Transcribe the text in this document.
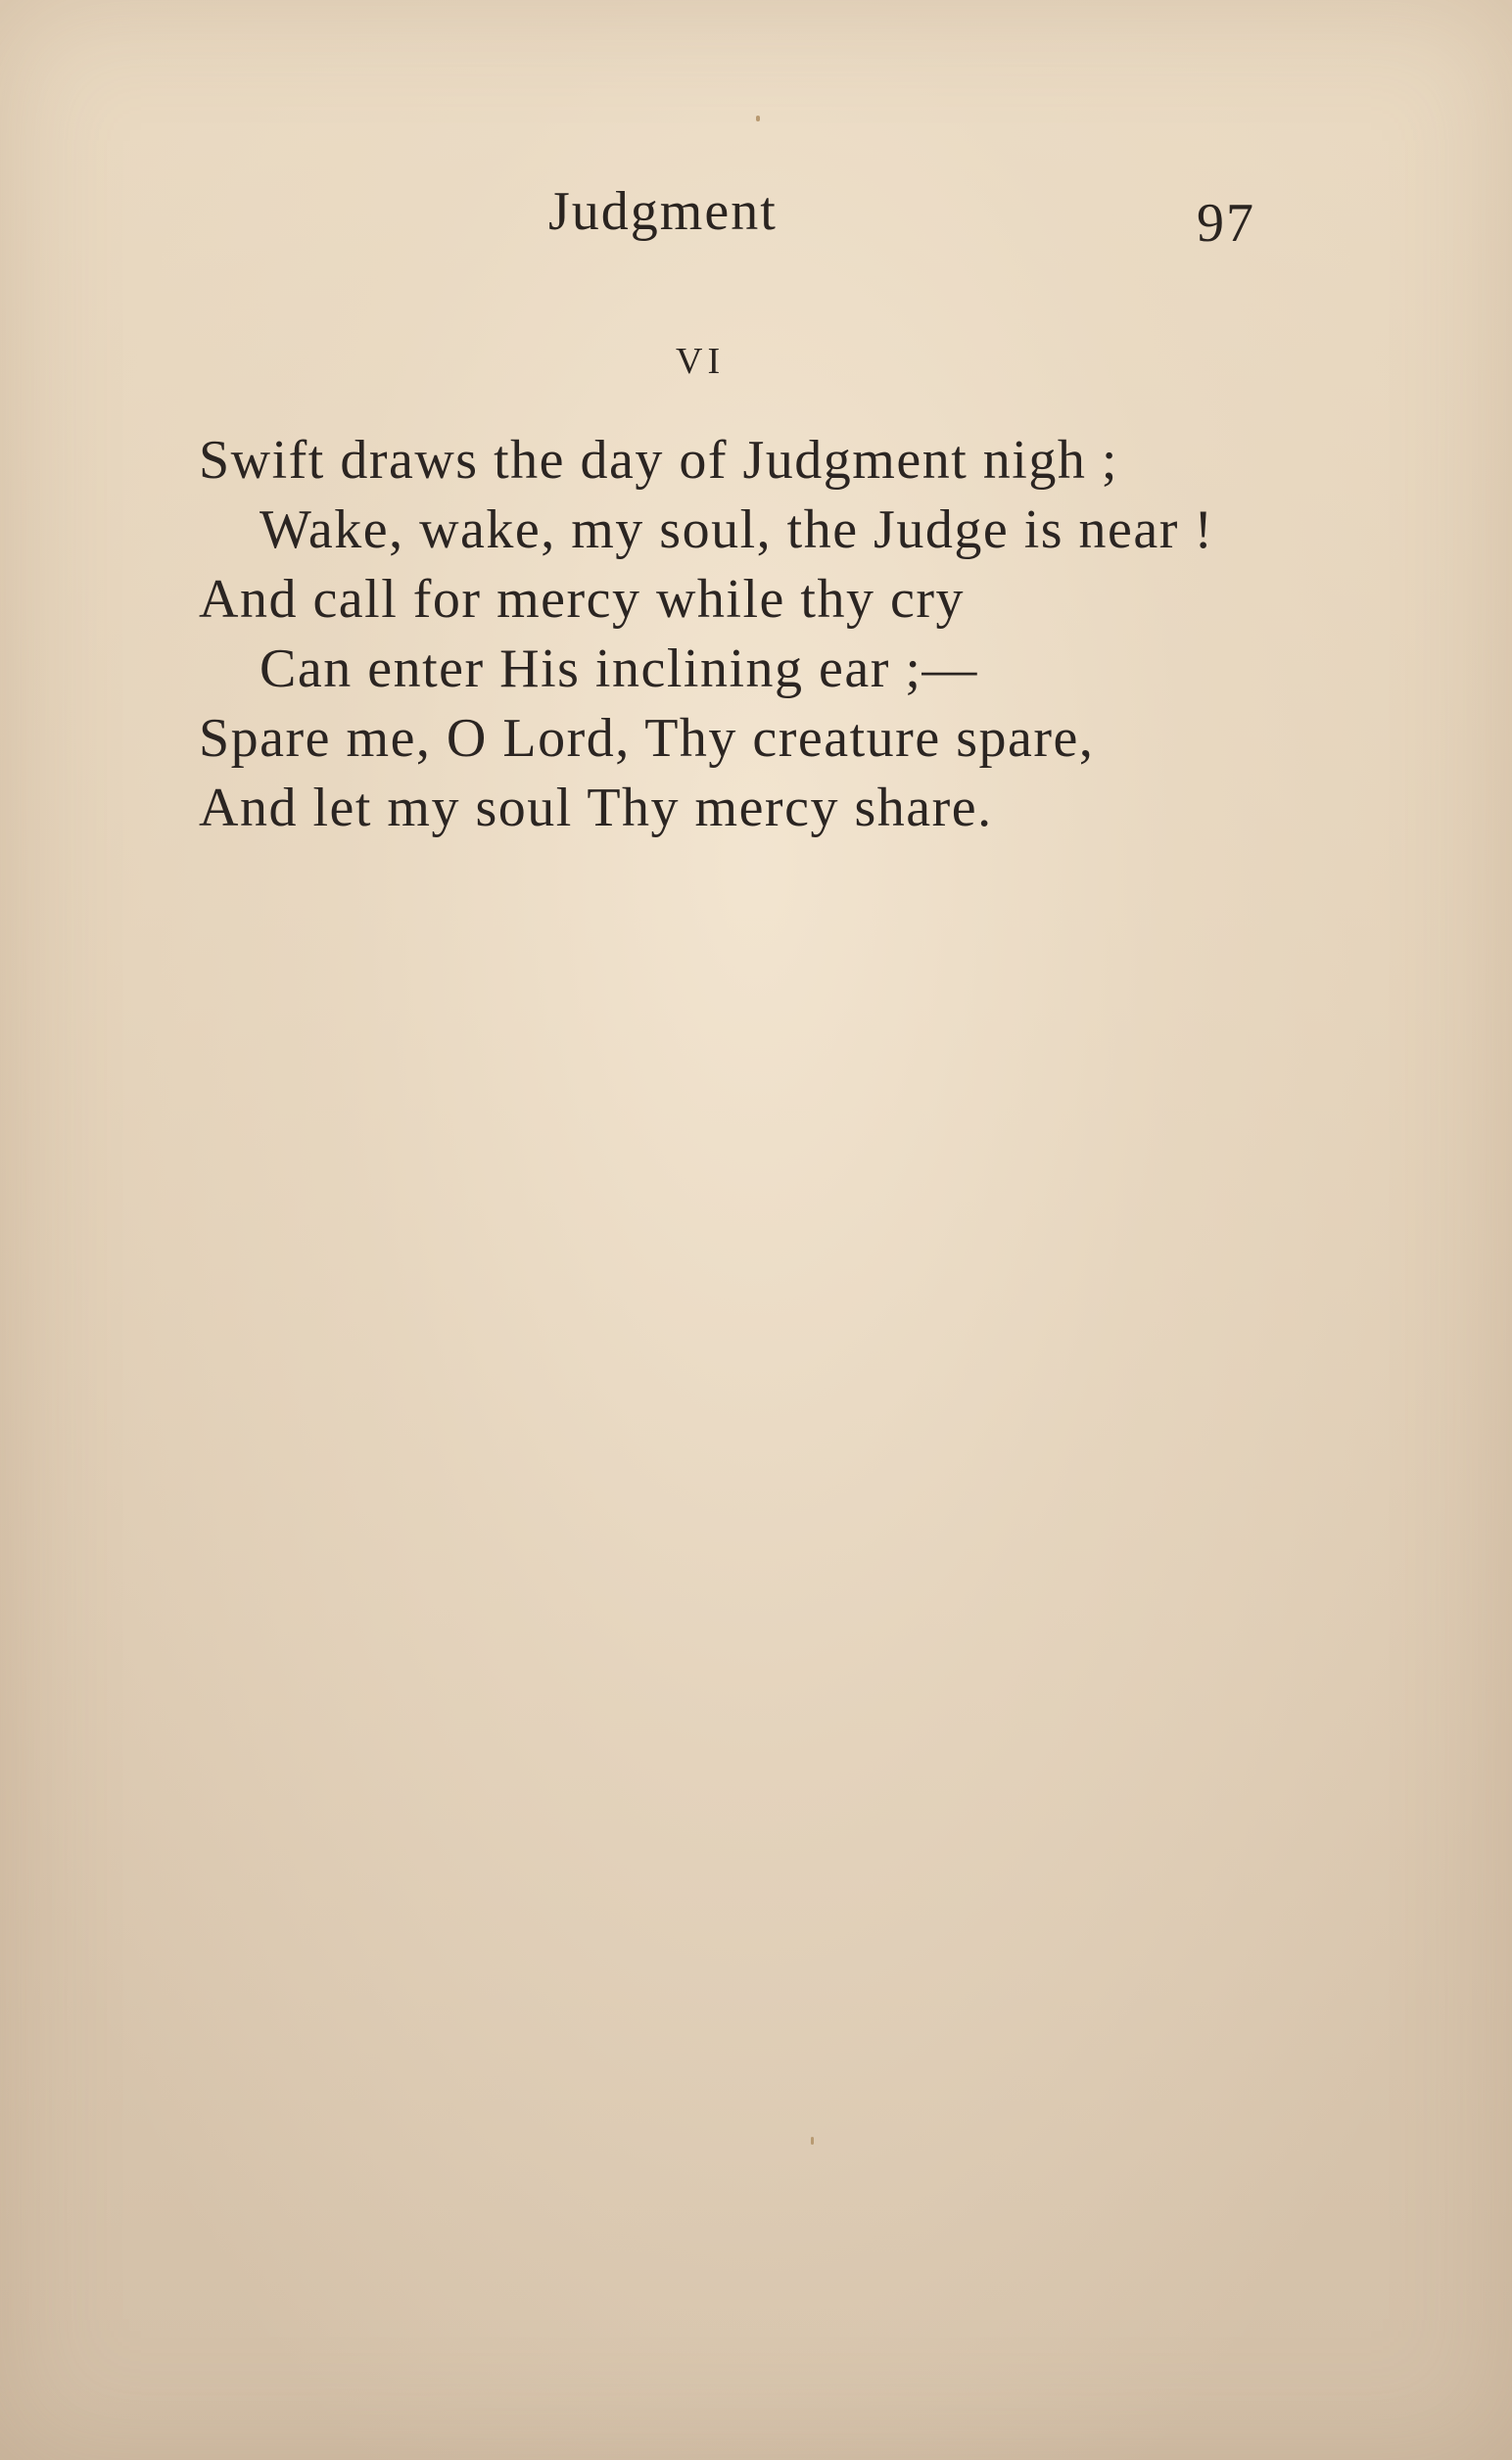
Judgment	97
VI
Swift draws the day of Judgment nigh ;
Wake, wake, my soul, the Judge is near !
And call for mercy while thy cry
Can enter His inclining ear ;—
Spare me, O Lord, Thy creature spare,
And let my soul Thy mercy share.
